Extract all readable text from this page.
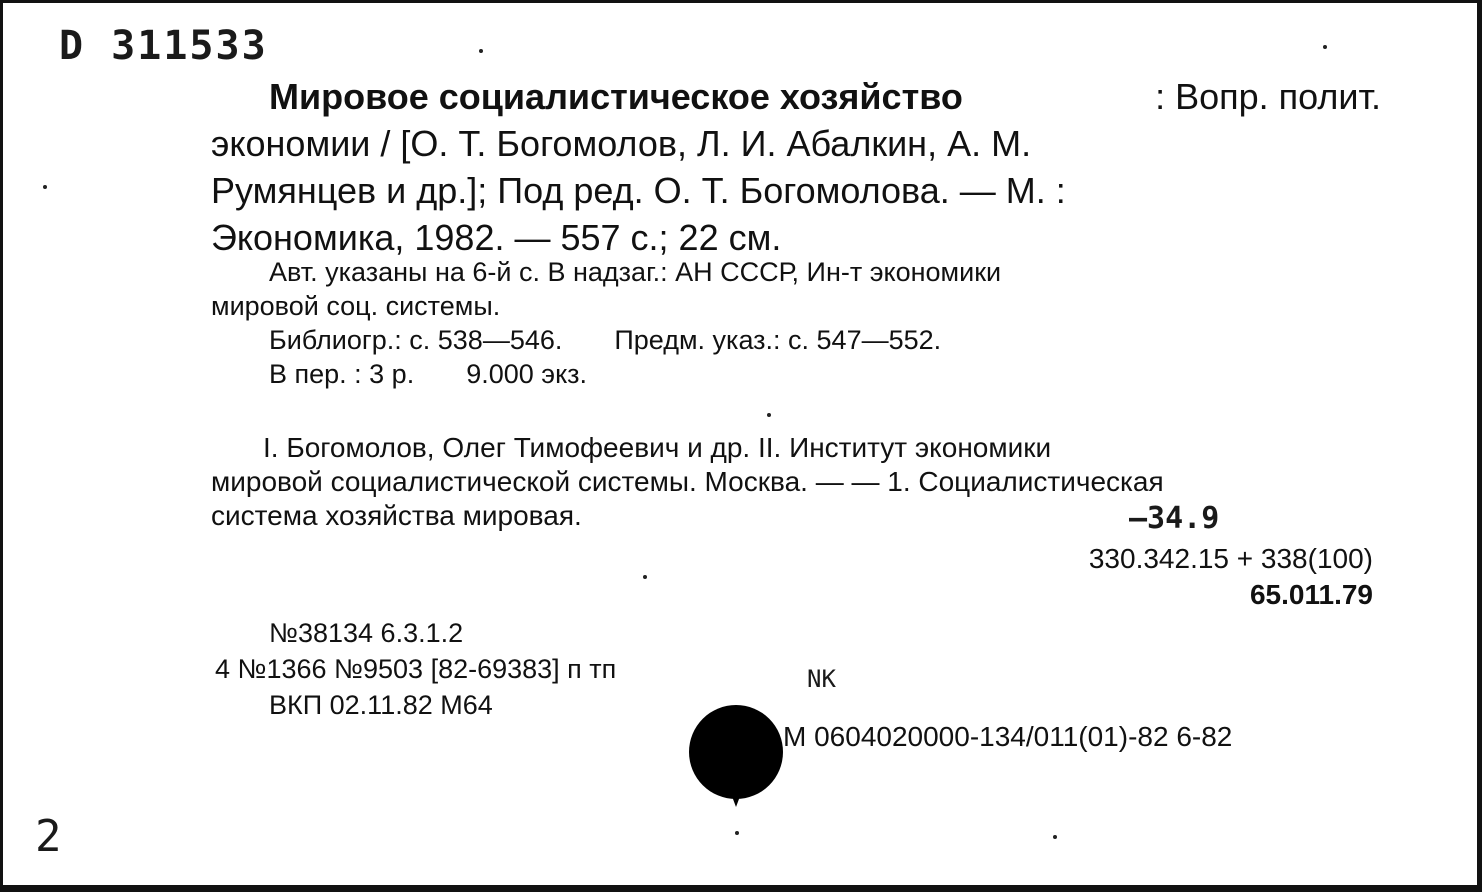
D 311533
Мировое социалистическое хозяйство	: Вопр. полит.
экономии / [О. Т. Богомолов, Л. И. Абалкин, А. М.
Румянцев и др.]; Под ред. О. Т. Богомолова. — М. :
Экономика, 1982. — 557 с.; 22 см.
Авт. указаны на 6-й с. В надзаг.: АН СССР, Ин-т экономики
мировой соц. системы.
Библиогр.: с. 538—546. Предм. указ.: с. 547—552.
В пер. : 3 р. 9.000 экз.
I. Богомолов, Олег Тимофеевич и др. II. Институт экономики
мировой социалистической системы. Москва. — — 1. Социалистическая
система хозяйства мировая.	—34.9
330.342.15 + 338(100)
65.011.79
№38134 6.3.1.2
4 №1366 №9503 [82-69383] п тп	NK
ВКП 02.11.82 М64
М 0604020000-134/011(01)-82 6-82
2
